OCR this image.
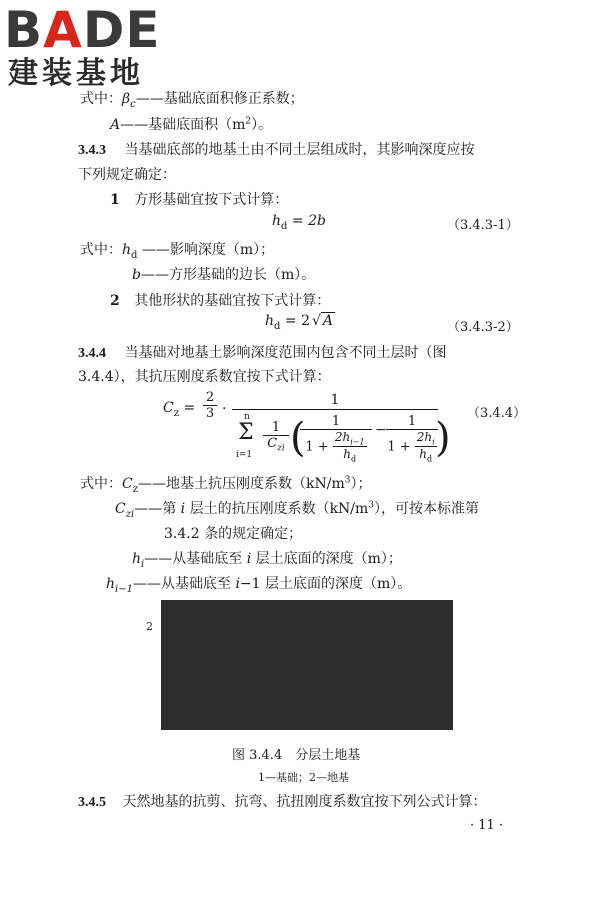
BADE
建装基地
式中：$\beta_c——$基础底面积修正系数；
A——基础底面积$(m^2)$。
3.4.3 当基础底部的地基土由不同土层组成时，其影响深度应按
下列规定确定：
1 方形基础宜按下式计算：
$h_d = 2b$	（3.4.3-1）
式中：$h_d$ ——影响深度（m）；
b——方形基础的边长（m）。
2 其他形状的基础宜按下式计算：
$h_d = 2$ √ A	（3.4.3-2）
3.4.4 当基础对地基土影响深度范围内包含不同土层时（图
3.4.4），其抗压刚度系数宜按下式计算：
$C_z$ =
2
3 ·
1
n
Σ
i=1
1
$C_{zi}$ (	1
$1 + \frac{2h_{i-1}}{h_d}$ −
1
$1 + \frac{2h_i}{h_d}$
)
（3.4.4）
式中：$C_z——$地基土抗压刚度系数$(kN/m^3)$；
$C_{zi}——$第 i 层土的抗压刚度系数$(kN/m^3)$，可按本标准第
3.4.2 条的规定确定；
$h_i——$从基础底至 i 层土底面的深度（m）；
$h_{i-1}——$从基础底至 i−1 层土底面的深度（m）。
2
图 3.4.4　分层土地基
1—基础；2—地基
3.4.5 天然地基的抗剪、抗弯、抗扭刚度系数宜按下列公式计算：
· 11 ·
